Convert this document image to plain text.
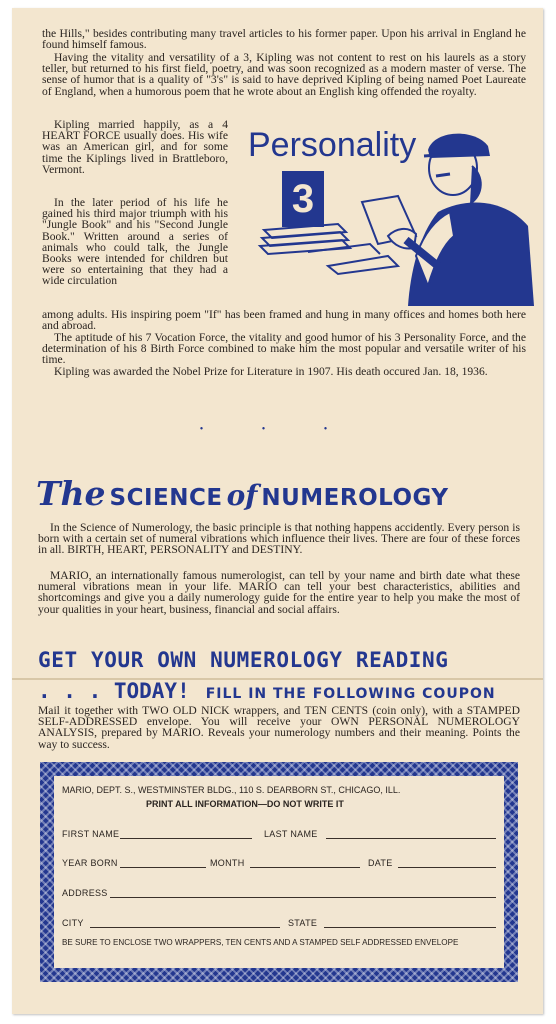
the Hills," besides contributing many travel articles to his former paper. Upon his arrival in England he found himself famous.

Having the vitality and versatility of a 3, Kipling was not content to rest on his laurels as a story teller, but returned to his first field, poetry, and was soon recognized as a modern master of verse. The sense of humor that is a quality of "3's" is said to have deprived Kipling of being named Poet Laureate of England, when a humorous poem that he wrote about an English king offended the royalty.

Kipling married happily, as a 4 HEART FORCE usually does. His wife was an American girl, and for some time the Kiplings lived in Brattleboro, Vermont.

In the later period of his life he gained his third major triumph with his "Jungle Book" and his "Second Jungle Book." Written around a series of animals who could talk, the Jungle Books were intended for children but were so entertaining that they had a wide circulation

among adults. His inspiring poem "If" has been framed and hung in many offices and homes both here and abroad.

The aptitude of his 7 Vocation Force, the vitality and good humor of his 3 Personality Force, and the determination of his 8 Birth Force combined to make him the most popular and versatile writer of his time.

Kipling was awarded the Nobel Prize for Literature in 1907. His death occured Jan. 18, 1936.

Personality
3
• • •
The SCIENCE of NUMEROLOGY

In the Science of Numerology, the basic principle is that nothing happens accidently. Every person is born with a certain set of numeral vibrations which influence their lives. There are four of these forces in all. BIRTH, HEART, PERSONALITY and DESTINY.

MARIO, an internationally famous numerologist, can tell by your name and birth date what these numeral vibrations mean in your life. MARIO can tell your best characteristics, abilities and shortcomings and give you a daily numerology guide for the entire year to help you make the most of your qualities in your heart, business, financial and social affairs.

GET YOUR OWN NUMEROLOGY READING
. . . TODAY! FILL IN THE FOLLOWING COUPON

Mail it together with TWO OLD NICK wrappers, and TEN CENTS (coin only), with a STAMPED SELF-ADDRESSED envelope. You will receive your OWN PERSONAL NUMEROLOGY ANALYSIS, prepared by MARIO. Reveals your numerology numbers and their meaning. Points the way to success.

MARIO, DEPT. S., WESTMINSTER BLDG., 110 S. DEARBORN ST., CHICAGO, ILL.
PRINT ALL INFORMATION—DO NOT WRITE IT
FIRST NAME	LAST NAME
YEAR BORN	MONTH	DATE
ADDRESS
CITY	STATE
BE SURE TO ENCLOSE TWO WRAPPERS, TEN CENTS AND A STAMPED SELF ADDRESSED ENVELOPE
